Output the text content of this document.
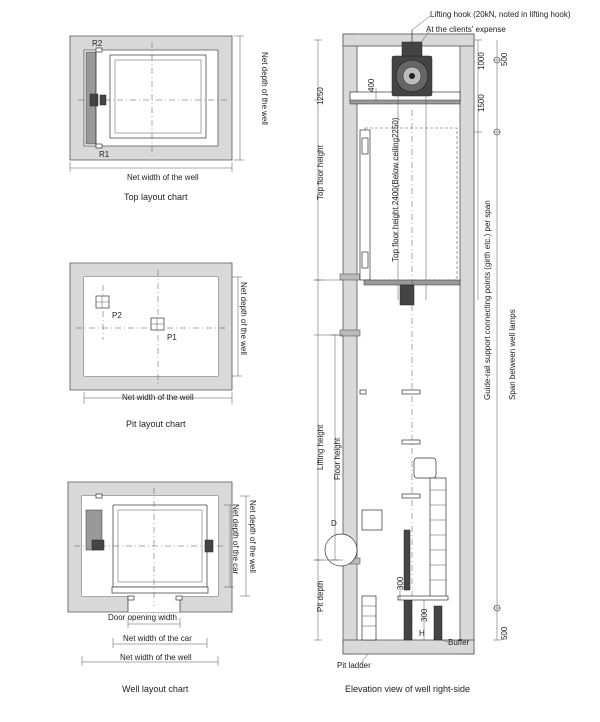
R2
R1
Net width of the well
Net depth of the well
Top layout chart
P2
P1
Net width of the well
Net depth of the well
Pit layout chart
Door opening width
Net width of the car
Net width of the well
Net depth of the car Net depth of the well
Well layout chart
Lifting hook (20kN, noted in lifting hook)
At the clients' expense
Top floor height
1250
400
1000 500
1500
500
Top floor height 2400(Below ceiling2250)
Lifting height Floor height
Pit depth
Guide-rail support connecting points (girth etc.) per span Span between well lamps
300
300
D
H
Buffer
Pit ladder
Elevation view of well right-side
